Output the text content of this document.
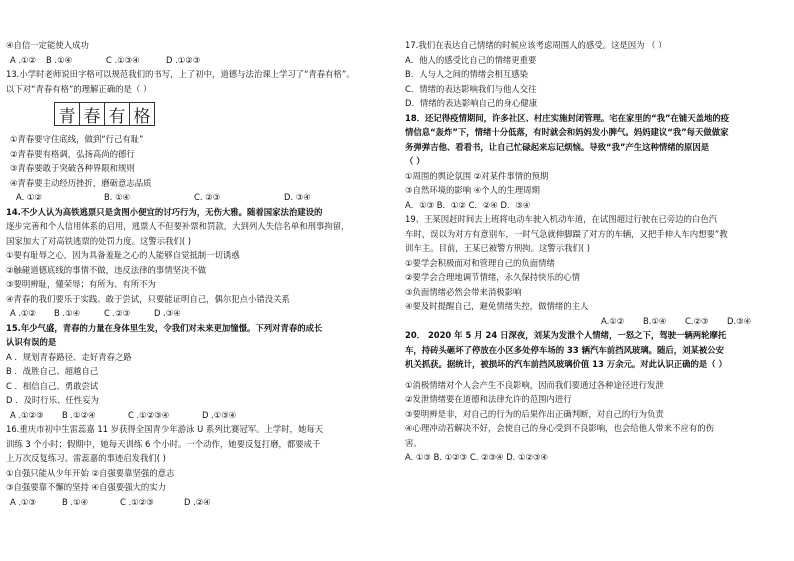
④自信一定能使人成功
A .①②	B .①④	C .①③④	D .①②③
13.小学时老师说田字格可以规范我们的书写，上了初中，道德与法治课上学习了“青春有格”。
以下对“青春有格”的理解正确的是（ ）
青 春 有 格
①青春要守住底线，做到“行己有耻”
②青春要有格调，弘扬高尚的德行
③青春要敢于突破各种界限和规则
④青春要主动经历挫折，磨砺意志品质
A. ①②	B. ①④	C. ②③	D. ③④
14.不少人认为高铁逃票只是贪图小便宜的讨巧行为，无伤大雅。随着国家法治建设的
逐步完善和个人信用体系的启用，逃票人不但要补票和罚款，大到列人失信名单和刑事拘留，
国家加大了对高铁逃票的处罚力度。这警示我们( )
①要有耻辱之心，因为具备羞耻之心的人能够自觉抵制一切诱惑
②触碰道德底线的事情不做，违反法律的事情坚决不做
③要明辨耻，懂荣辱；有所为、有所不为
④青春的我们要乐于实践、敢于尝试，只要能证明自己，偶尔犯点小错没关系
A .①②	B .①④	C .②③	D .③④
15.年少气盛，青春的力量在身体里生发，令我们对未来更加憧憬。下列对青春的成长
认识有误的是
A ．规划青春路径、走好青春之路
B ．战胜自己、超越自己
C ．相信自己、勇敢尝试
D ．及时行乐、任性妄为
A .①②③	B .①②④	C .①②③④	D .①③④
16.重庆市初中生雷蕊嘉 11 岁获得全国青少年游泳 U 系列比赛冠军。上学时，她每天
训练 3 个小时；假期中，她每天训练 6 个小时。一个动作，她要反复打磨，都要成千
上万次反复练习。雷蕊嘉的事迹启发我们( )
①自强只能从少年开始 ②自强要靠坚强的意志
③自强要靠不懈的坚持 ④自强要强大的实力
A .①③	B .①④	C .①②③	D .②④
17.我们在表达自己情绪的时候应该考虑周围人的感受。这是因为 （ ）
A．他人的感受比自己的情绪更重要
B．人与人之间的情绪会相互感染
C．情绪的表达影响我们与他人交往
D．情绪的表达影响自己的身心健康
18．还记得疫情期间，许多社区、村庄实施封闭管理。宅在家里的“我”在铺天盖地的疫
情信息“轰炸”下，情绪十分低落，有时就会和妈妈发小脾气。妈妈建议“我”每天做做家
务弹弹吉他、看看书，让自己忙碌起来忘记烦恼。导致“我”产生这种情绪的原因是
（ ）
①周围的舆论氛围 ②对某件事情的预期
③自然环境的影响 ④个人的生理周期
A．①③ B．①② C．②④ D．③④
19、王某因赶时间去上班将电动车驶入机动车道，在试图超过行驶在已旁边的白色汽
车时，误以为对方有意别车，一时气急就伸脚踹了对方的车辆，又把手伸人车内想要”教
训车主。目前，王某已被警方刑拘。这警示我们( )
①要学会积极面对和管理自己的负面情绪
②要学会合理地调节情绪，永久保持快乐的心情
③负面情绪必然会带来消极影响
④要及时提醒自己，避免情绪失控，做情绪的主人
A.①②	B.①④	C.②③	D.③④
20． 2020 年 5 月 24 日深夜，刘某为发泄个人情绪，一怒之下，驾驶一辆两轮摩托
车，持砖头砸坏了停放在小区多处停车场的 33 辆汽车前挡风玻璃。随后，刘某被公安
机关抓获。据统计，被损坏的汽车前挡风玻璃价值 13 万余元。对此认识正确的是（ ）
①消极情绪对个人会产生不良影响，因而我们要通过各种途径进行发泄
②发泄情绪要在道德和法律允许的范围内进行
③要明辨是非，对自己的行为的后果作出正确判断，对自己的行为负责
④心理冲动若解决不好，会使自己的身心受到不良影响，也会给他人带来不应有的伤
害。
A. ①③ B. ①②③ C. ②③④ D. ①②③④
